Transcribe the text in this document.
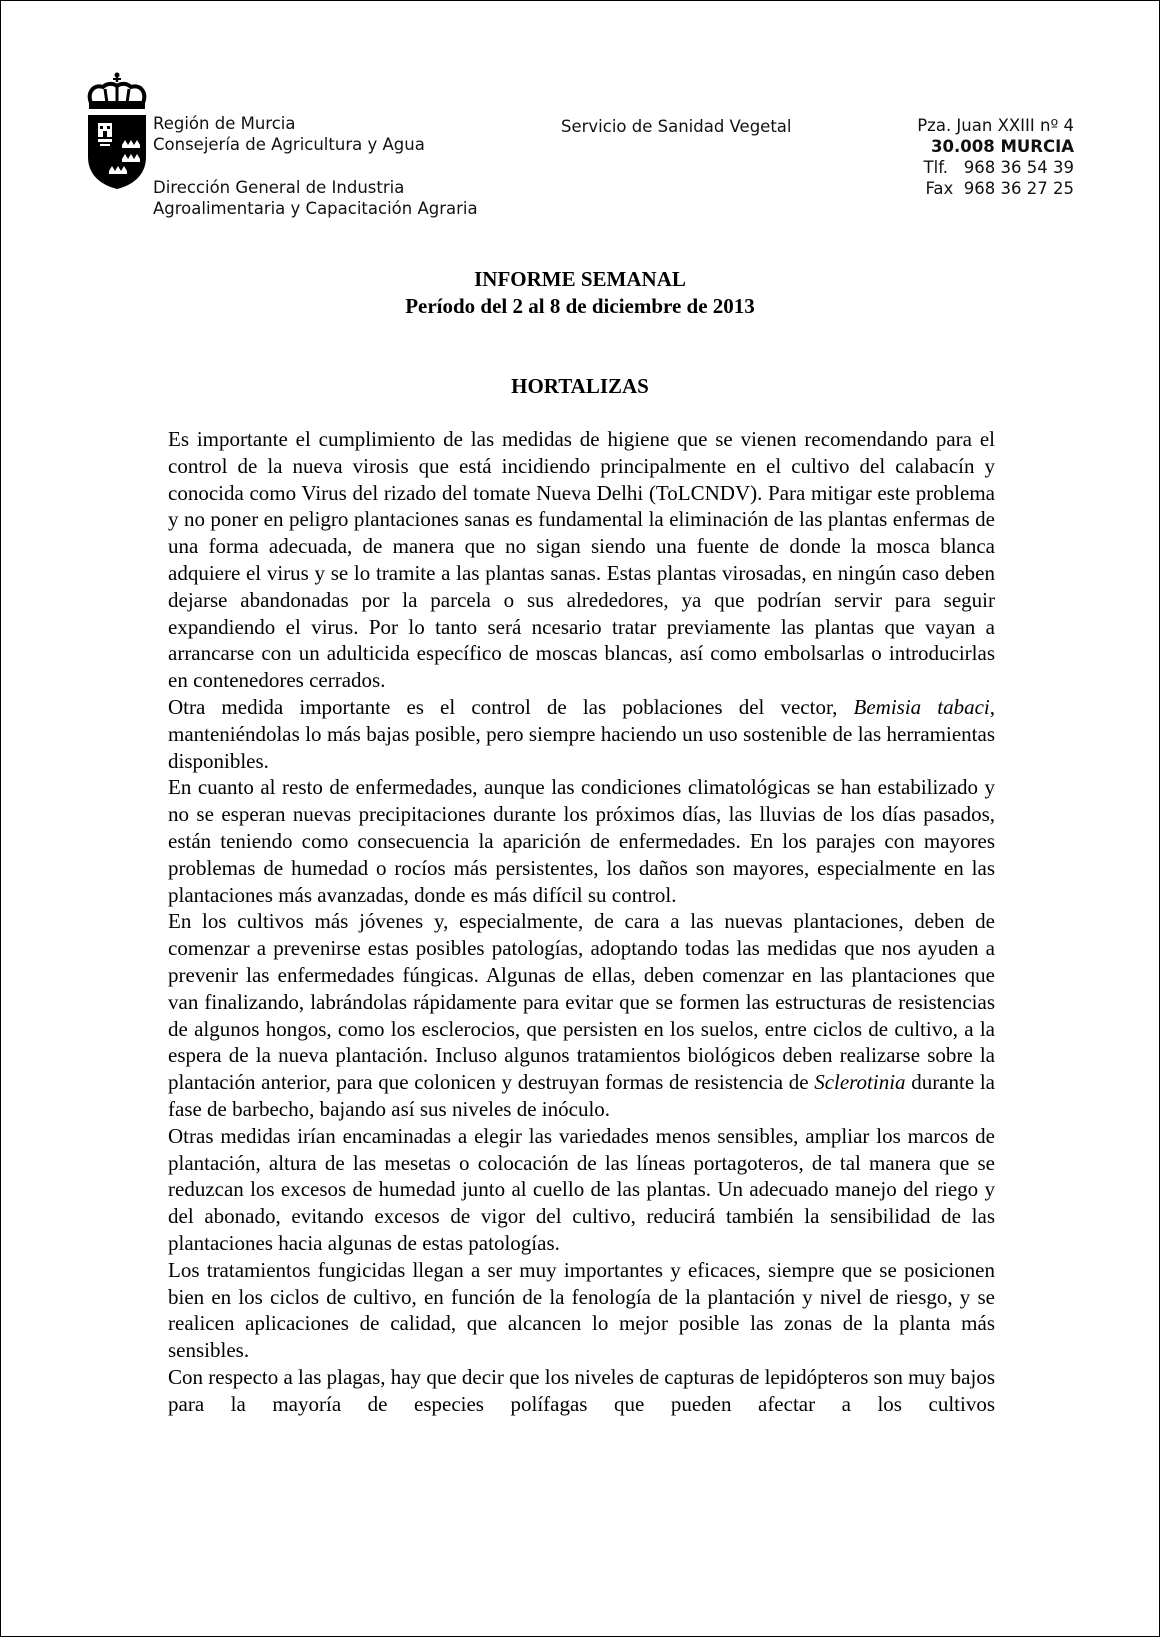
Región de Murcia
Consejería de Agricultura y Agua
Dirección General de Industria
Agroalimentaria y Capacitación Agraria
Servicio de Sanidad Vegetal	Pza. Juan XXIII nº 4
30.008 MURCIA
Tlf.   968 36 54 39
Fax  968 36 27 25
INFORME SEMANAL
Período del 2 al 8 de diciembre de 2013
HORTALIZAS

Es importante el cumplimiento de las medidas de higiene que se vienen recomendando para el control de la nueva virosis que está incidiendo principalmente en el cultivo del calabacín y conocida como Virus del rizado del tomate Nueva Delhi (ToLCNDV). Para mitigar este problema y no poner en peligro plantaciones sanas es fundamental la eliminación de las plantas enfermas de una forma adecuada, de manera que no sigan siendo una fuente de donde la mosca blanca adquiere el virus y se lo tramite a las plantas sanas. Estas plantas virosadas, en ningún caso deben dejarse abandonadas por la parcela o sus alrededores, ya que podrían servir para seguir expandiendo el virus. Por lo tanto será ncesario tratar previamente las plantas que vayan a arrancarse con un adulticida específico de moscas blancas, así como embolsarlas o introducirlas en contenedores cerrados.

Otra medida importante es el control de las poblaciones del vector, Bemisia tabaci, manteniéndolas lo más bajas posible, pero siempre haciendo un uso sostenible de las herramientas disponibles.

En cuanto al resto de enfermedades, aunque las condiciones climatológicas se han estabilizado y no se esperan nuevas precipitaciones durante los próximos días, las lluvias de los días pasados, están teniendo como consecuencia la aparición de enfermedades. En los parajes con mayores problemas de humedad o rocíos más persistentes, los daños son mayores, especialmente en las plantaciones más avanzadas, donde es más difícil su control.

En los cultivos más jóvenes y, especialmente, de cara a las nuevas plantaciones, deben de comenzar a prevenirse estas posibles patologías, adoptando todas las medidas que nos ayuden a prevenir las enfermedades fúngicas. Algunas de ellas, deben comenzar en las plantaciones que van finalizando, labrándolas rápidamente para evitar que se formen las estructuras de resistencias de algunos hongos, como los esclerocios, que persisten en los suelos, entre ciclos de cultivo, a la espera de la nueva plantación. Incluso algunos tratamientos biológicos deben realizarse sobre la plantación anterior, para que colonicen y destruyan formas de resistencia de Sclerotinia durante la fase de barbecho, bajando así sus niveles de inóculo.

Otras medidas irían encaminadas a elegir las variedades menos sensibles, ampliar los marcos de plantación, altura de las mesetas o colocación de las líneas portagoteros, de tal manera que se reduzcan los excesos de humedad junto al cuello de las plantas. Un adecuado manejo del riego y del abonado, evitando excesos de vigor del cultivo, reducirá también la sensibilidad de las plantaciones hacia algunas de estas patologías.

Los tratamientos fungicidas llegan a ser muy importantes y eficaces, siempre que se posicionen bien en los ciclos de cultivo, en función de la fenología de la plantación y nivel de riesgo, y se realicen aplicaciones de calidad, que alcancen lo mejor posible las zonas de la planta más sensibles.

Con respecto a las plagas, hay que decir que los niveles de capturas de lepidópteros son muy bajos para la mayoría de especies polífagas que pueden afectar a los cultivos
